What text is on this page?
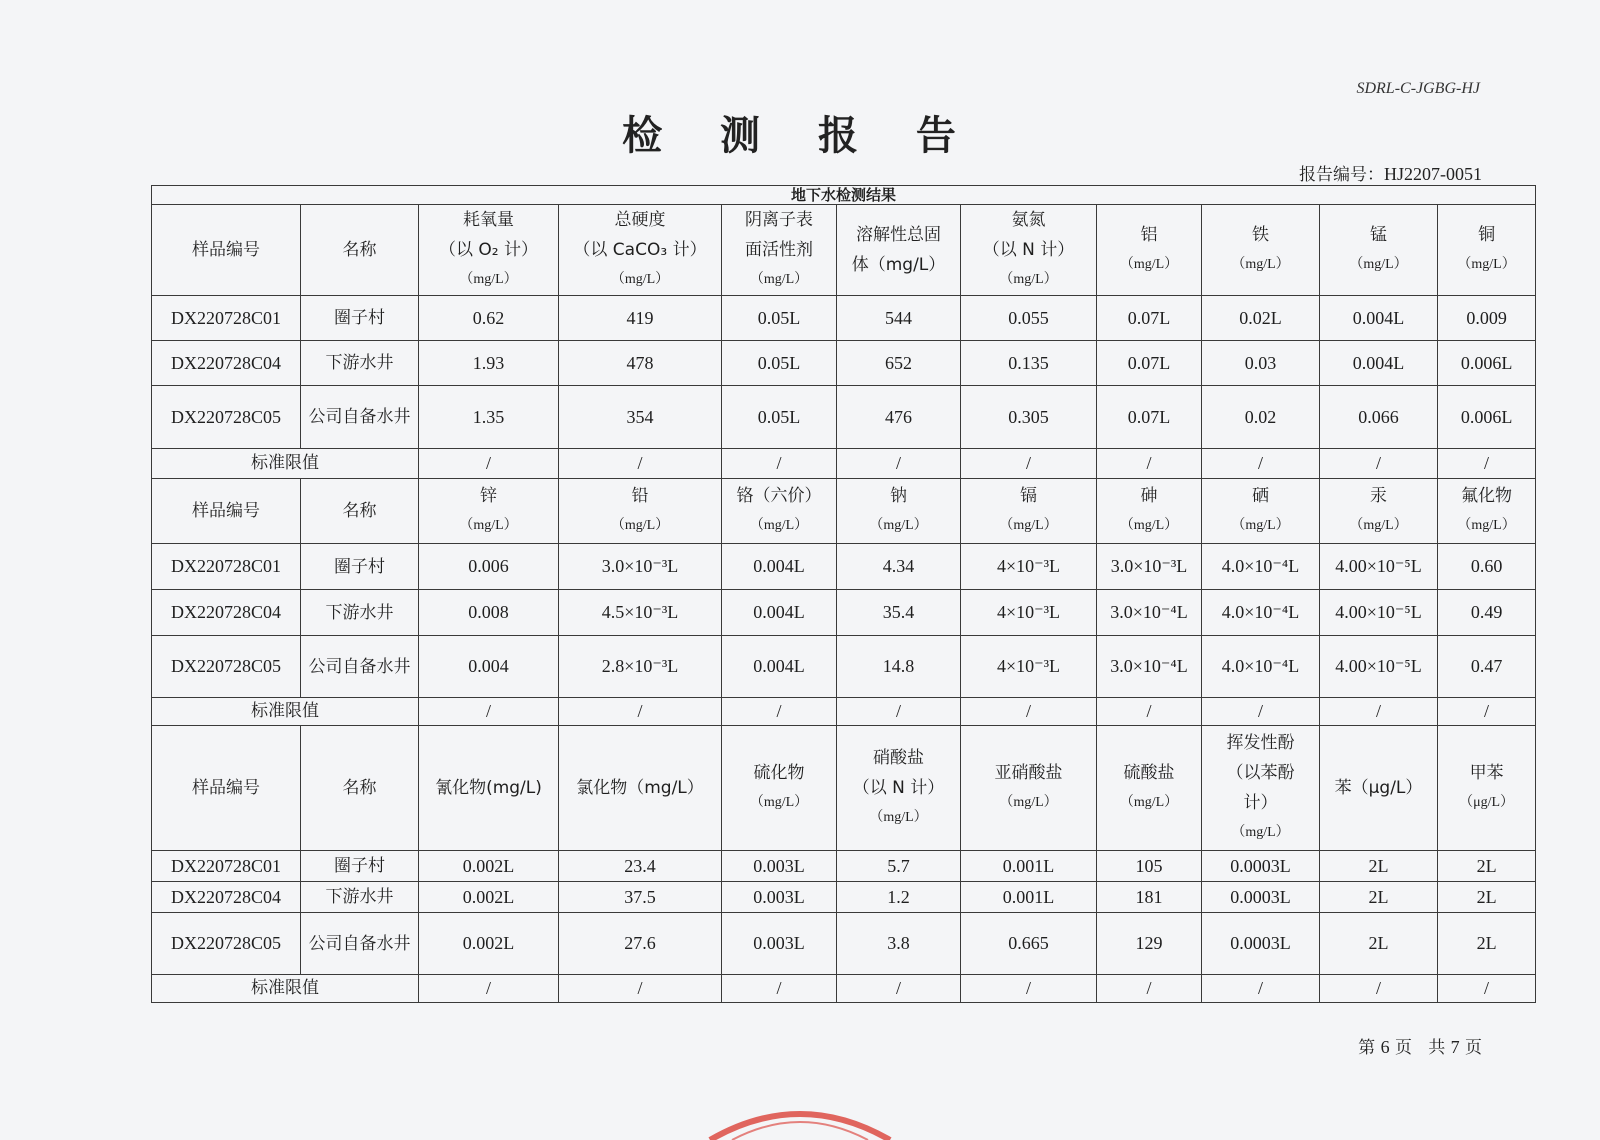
SDRL-C-JGBG-HJ
检 测 报 告
报告编号：HJ2207-0051
地下水检测结果										
样品编号	名称	耗氧量
（以 O₂ 计）
（mg/L）	总硬度
（以 CaCO₃ 计）
（mg/L）	阴离子表
面活性剂
（mg/L）	溶解性总固
体（mg/L）	氨氮
（以 N 计）
（mg/L）	铝
（mg/L）	铁
（mg/L）	锰
（mg/L）	铜
（mg/L）

DX220728C01	圈子村	0.62	419	0.05L	544	0.055	0.07L	0.02L	0.004L	0.009
DX220728C04	下游水井	1.93	478	0.05L	652	0.135	0.07L	0.03	0.004L	0.006L
DX220728C05	公司自备水井	1.35	354	0.05L	476	0.305	0.07L	0.02	0.066	0.006L
标准限值		/	/	/	/	/	/	/	/	/
样品编号	名称	锌
（mg/L）	铅
（mg/L）	铬（六价）
（mg/L）	钠
（mg/L）	镉
（mg/L）	砷
（mg/L）	硒
（mg/L）	汞
（mg/L）	氟化物
（mg/L）

DX220728C01	圈子村	0.006	3.0×10⁻³L	0.004L	4.34	4×10⁻³L	3.0×10⁻³L	4.0×10⁻⁴L	4.00×10⁻⁵L	0.60
DX220728C04	下游水井	0.008	4.5×10⁻³L	0.004L	35.4	4×10⁻³L	3.0×10⁻⁴L	4.0×10⁻⁴L	4.00×10⁻⁵L	0.49
DX220728C05	公司自备水井	0.004	2.8×10⁻³L	0.004L	14.8	4×10⁻³L	3.0×10⁻⁴L	4.0×10⁻⁴L	4.00×10⁻⁵L	0.47
标准限值		/	/	/	/	/	/	/	/	/
样品编号	名称	氰化物(mg/L)	氯化物（mg/L）	硫化物
（mg/L）	硝酸盐
（以 N 计）
（mg/L）	亚硝酸盐
（mg/L）	硫酸盐
（mg/L）	挥发性酚
（以苯酚
计）
（mg/L）	苯（μg/L）	甲苯
（μg/L）

DX220728C01	圈子村	0.002L	23.4	0.003L	5.7	0.001L	105	0.0003L	2L	2L
DX220728C04	下游水井	0.002L	37.5	0.003L	1.2	0.001L	181	0.0003L	2L	2L
DX220728C05	公司自备水井	0.002L	27.6	0.003L	3.8	0.665	129	0.0003L	2L	2L
标准限值		/	/	/	/	/	/	/	/	/
第 6 页 共 7 页
